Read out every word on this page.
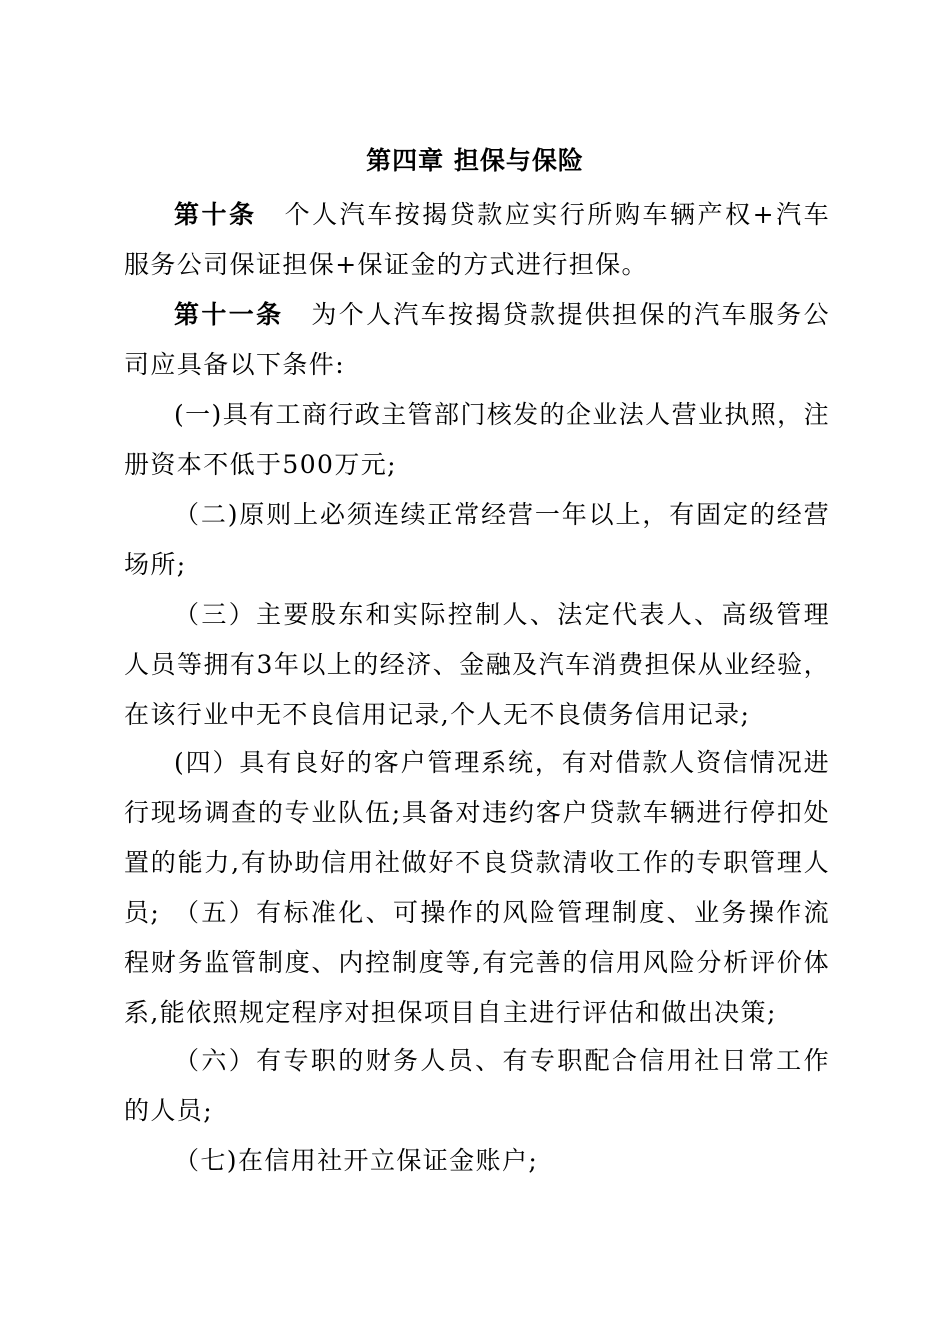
第四章 担保与保险

第十条 个人汽车按揭贷款应实行所购车辆产权+汽车服务公司保证担保+保证金的方式进行担保。

第十一条 为个人汽车按揭贷款提供担保的汽车服务公司应具备以下条件:

(一)具有工商行政主管部门核发的企业法人营业执照，注册资本不低于500万元;

（二)原则上必须连续正常经营一年以上，有固定的经营场所;

（三）主要股东和实际控制人、法定代表人、高级管理人员等拥有3年以上的经济、金融及汽车消费担保从业经验，在该行业中无不良信用记录,个人无不良债务信用记录;

(四）具有良好的客户管理系统，有对借款人资信情况进行现场调查的专业队伍;具备对违约客户贷款车辆进行停扣处置的能力,有协助信用社做好不良贷款清收工作的专职管理人员; （五）有标准化、可操作的风险管理制度、业务操作流程财务监管制度、内控制度等,有完善的信用风险分析评价体系,能依照规定程序对担保项目自主进行评估和做出决策;

（六）有专职的财务人员、有专职配合信用社日常工作的人员;

（七)在信用社开立保证金账户;
